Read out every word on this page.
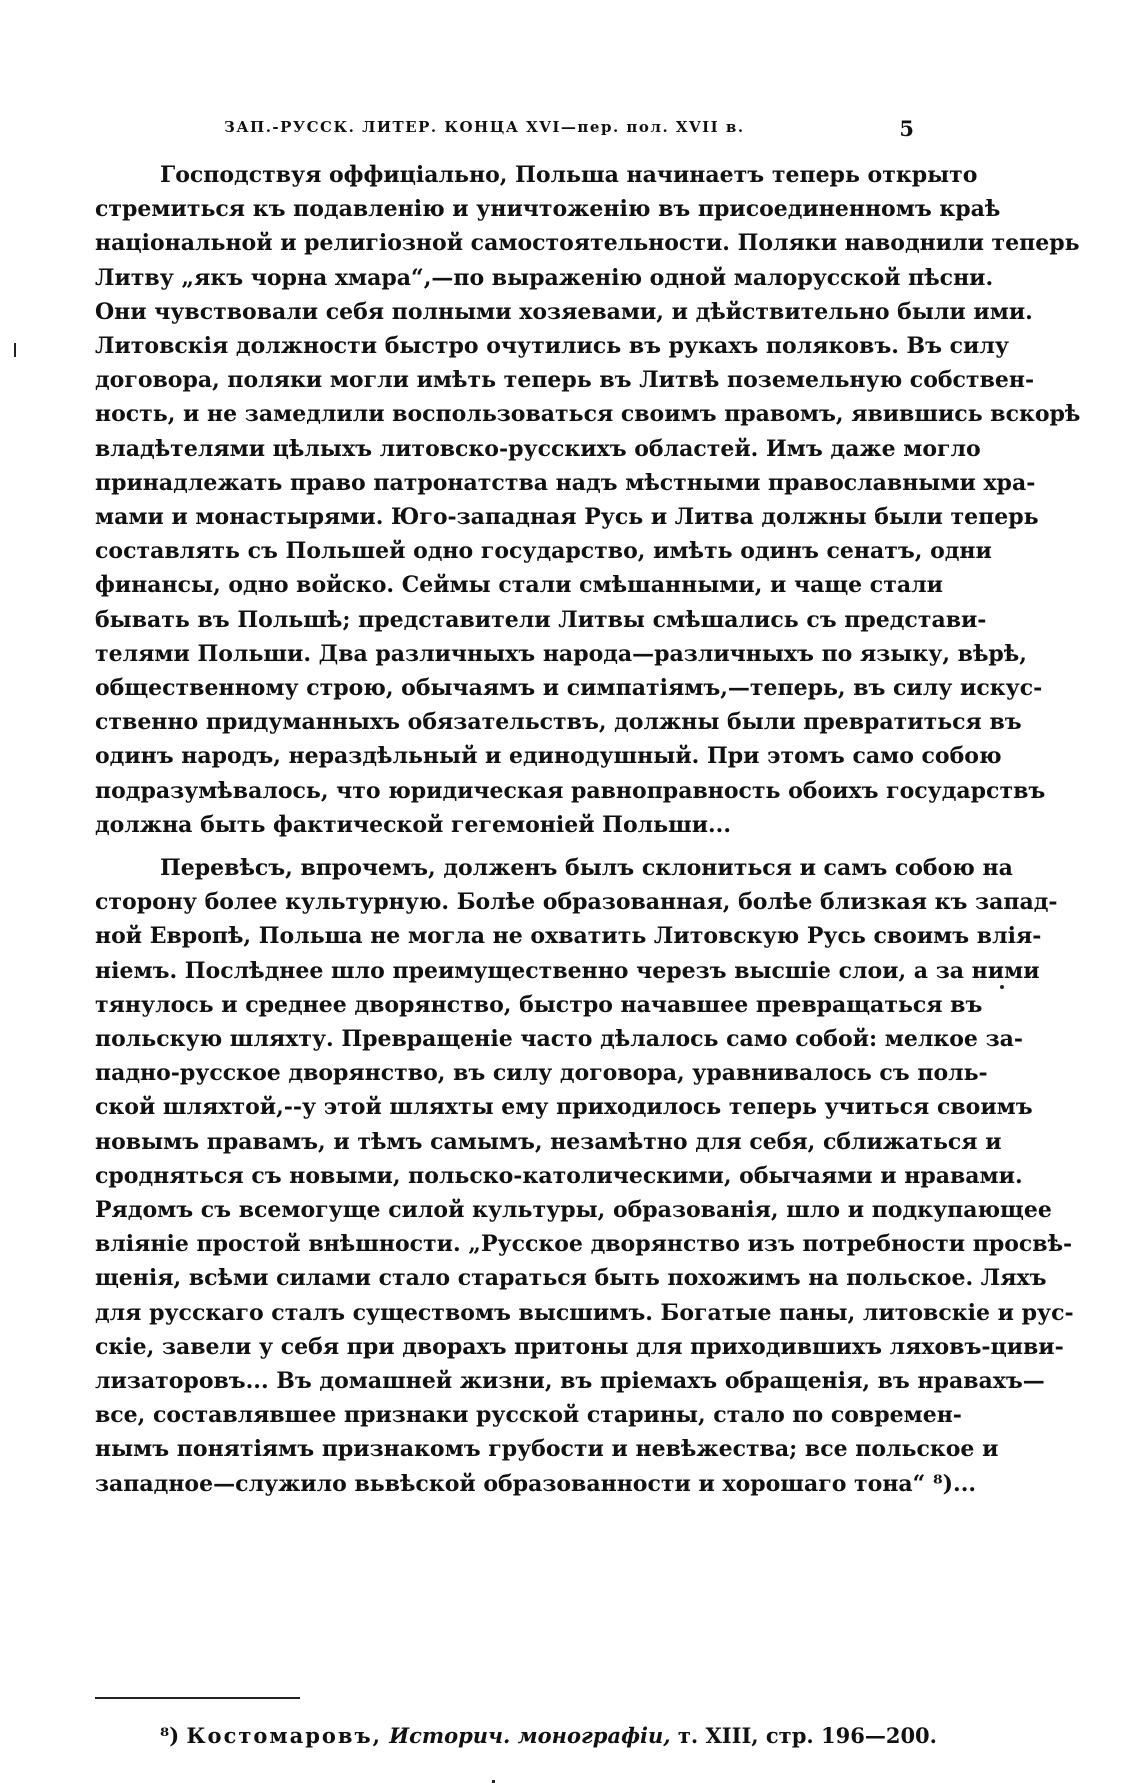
ЗАП.-РУССК. ЛИТЕР. КОНЦА XVI—пер. пол. XVII в.	5
Господствуя оффиціально, Польша начинаетъ теперь открыто
стремиться къ подавленію и уничтоженію въ присоединенномъ краѣ
національной и религіозной самостоятельности. Поляки наводнили теперь
Литву „якъ чорна хмара“,—по выраженію одной малорусской пѣсни.
Они чувствовали себя полными хозяевами, и дѣйствительно были ими.
Литовскія должности быстро очутились въ рукахъ поляковъ. Въ силу
договора, поляки могли имѣть теперь въ Литвѣ поземельную собствен-
ность, и не замедлили воспользоваться своимъ правомъ, явившись вскорѣ
владѣтелями цѣлыхъ литовско-русскихъ областей. Имъ даже могло
принадлежать право патронатства надъ мѣстными православными хра-
мами и монастырями. Юго-западная Русь и Литва должны были теперь
составлять съ Польшей одно государство, имѣть одинъ сенатъ, одни
финансы, одно войско. Сеймы стали смѣшанными, и чаще стали
бывать въ Польшѣ; представители Литвы смѣшались съ представи-
телями Польши. Два различныхъ народа—различныхъ по языку, вѣрѣ,
общественному строю, обычаямъ и симпатіямъ,—теперь, въ силу искус-
ственно придуманныхъ обязательствъ, должны были превратиться въ
одинъ народъ, нераздѣльный и единодушный. При этомъ само собою
подразумѣвалось, что юридическая равноправность обоихъ государствъ
должна быть фактической гегемоніей Польши...
Перевѣсъ, впрочемъ, долженъ былъ склониться и самъ собою на
сторону более культурную. Болѣе образованная, болѣе близкая къ запад-
ной Европѣ, Польша не могла не охватить Литовскую Русь своимъ влія-
ніемъ. Послѣднее шло преимущественно черезъ высшіе слои, а за ними
тянулось и среднее дворянство, быстро начавшее превращаться въ
польскую шляхту. Превращеніе часто дѣлалось само собой: мелкое за-
падно-русское дворянство, въ силу договора, уравнивалось съ поль-
ской шляхтой,--у этой шляхты ему приходилось теперь учиться своимъ
новымъ правамъ, и тѣмъ самымъ, незамѣтно для себя, сближаться и
сродняться съ новыми, польско-католическими, обычаями и нравами.
Рядомъ съ всемогуще силой культуры, образованія, шло и подкупающее
вліяніе простой внѣшности. „Русское дворянство изъ потребности просвѣ-
щенія, всѣми силами стало стараться быть похожимъ на польское. Ляхъ
для русскаго сталъ существомъ высшимъ. Богатые паны, литовскіе и рус-
скіе, завели у себя при дворахъ притоны для приходившихъ ляховъ-циви-
лизаторовъ... Въ домашней жизни, въ пріемахъ обращенія, въ нравахъ—
все, составлявшее признаки русской старины, стало по современ-
нымъ понятіямъ признакомъ грубости и невѣжества; все польское и
западное—служило вьвѣской образованности и хорошаго тона“ ⁸)...
⁸) Костомаровъ, Историч. монографіи, т. XIII, стр. 196—200.
